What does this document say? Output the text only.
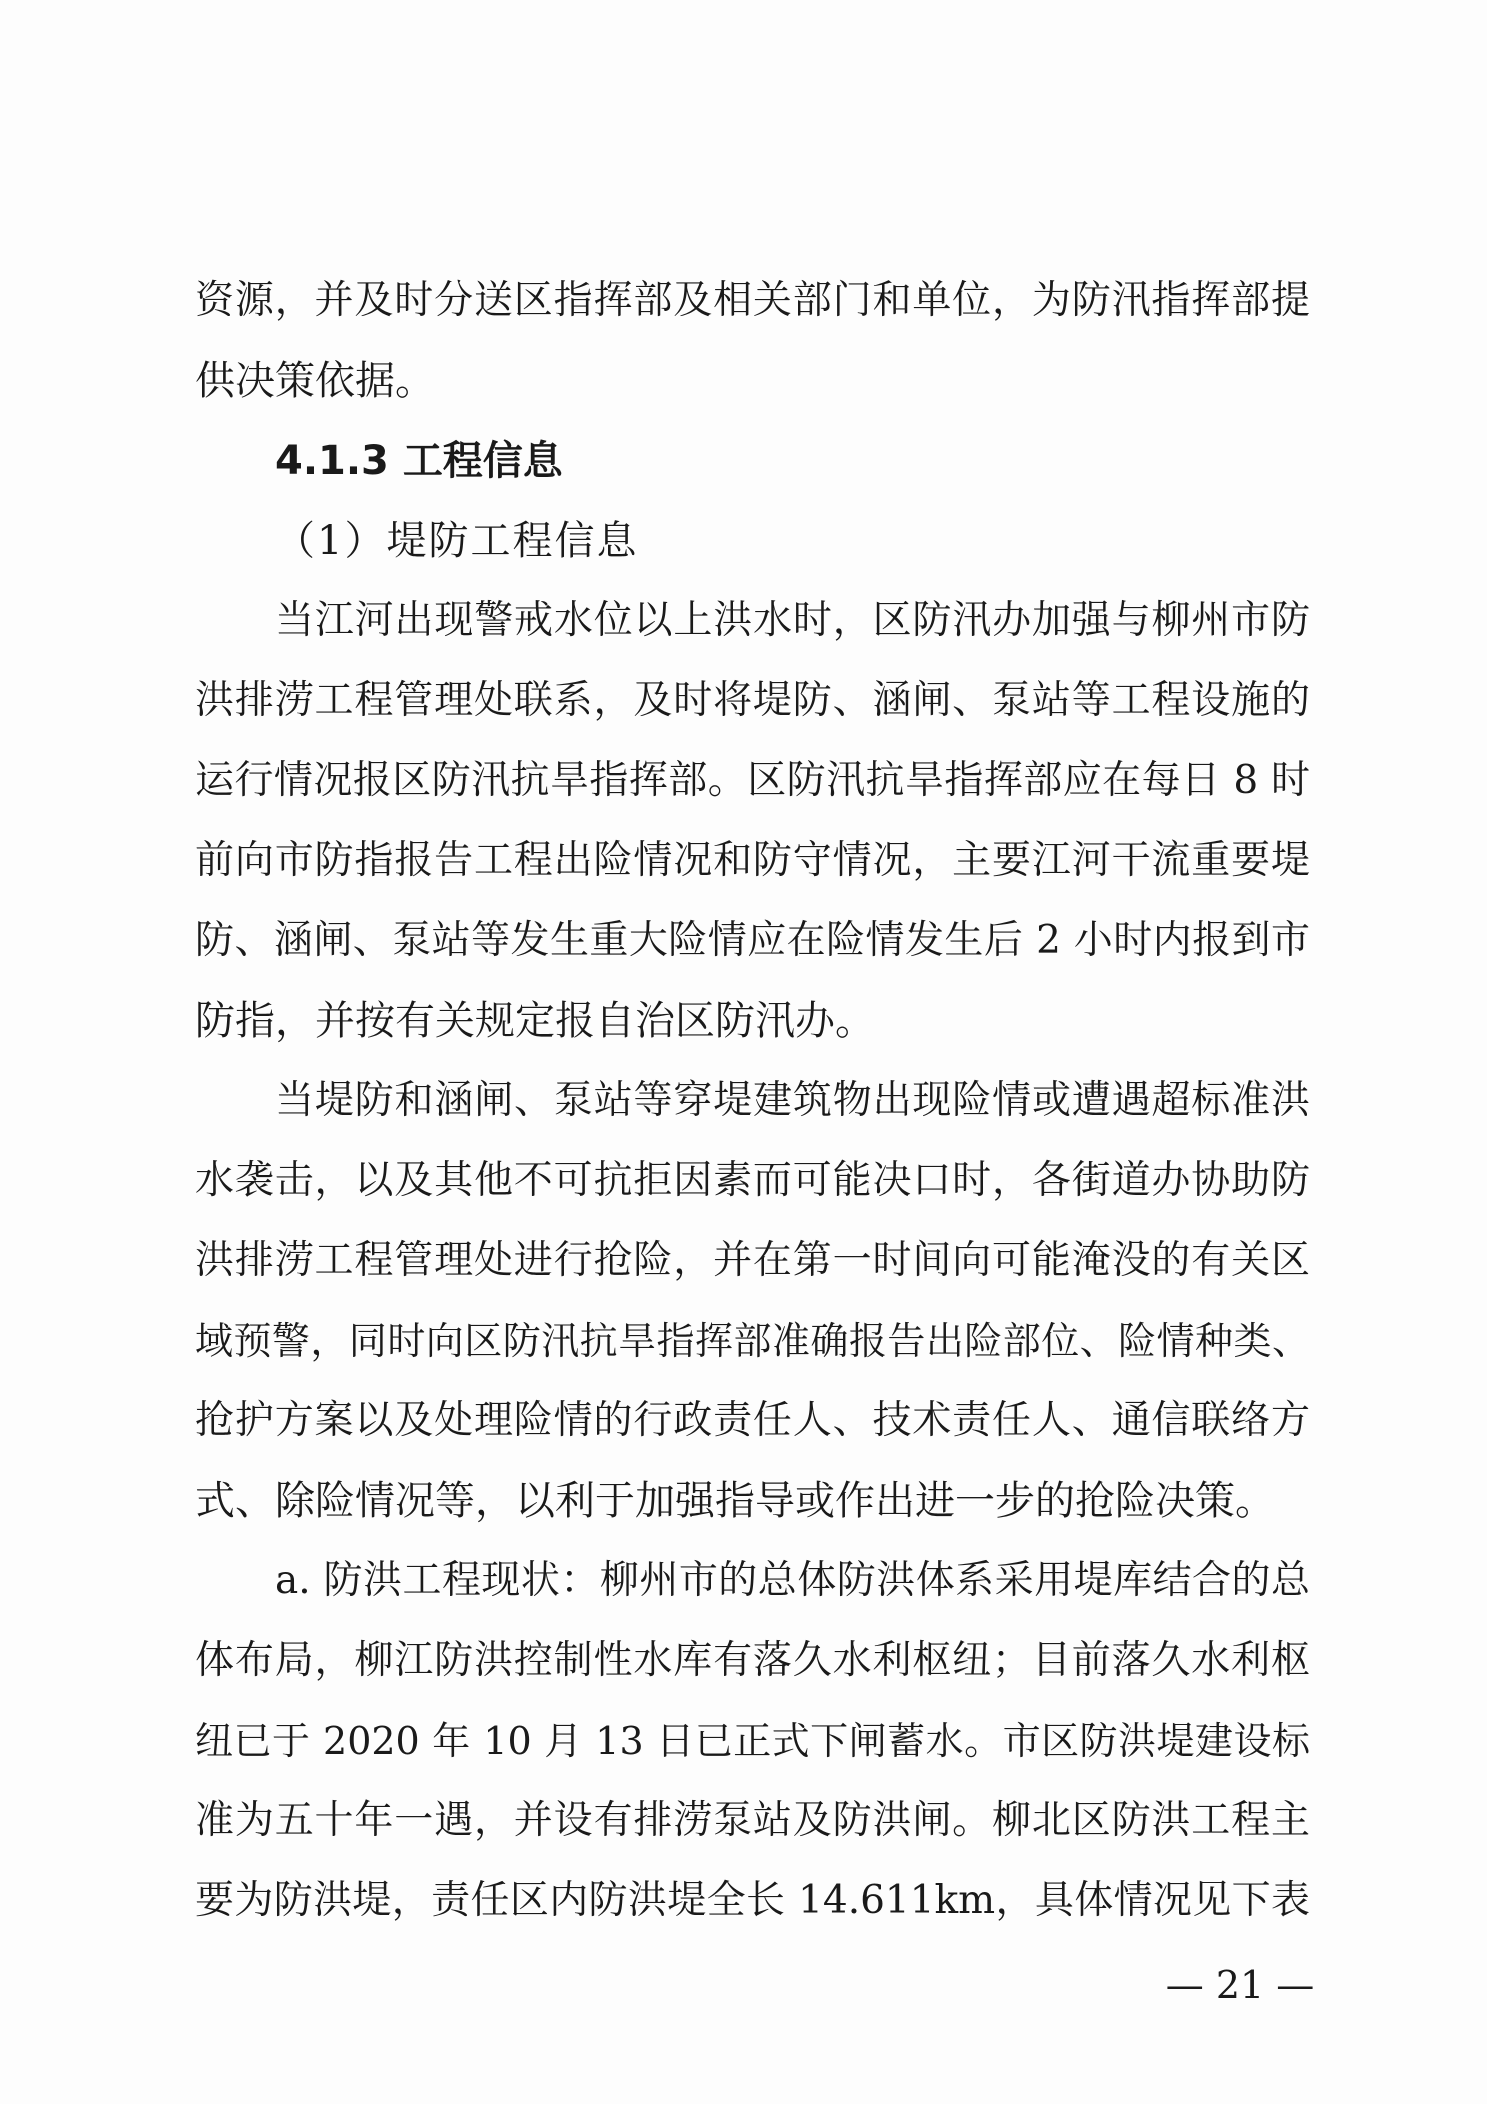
资源，并及时分送区指挥部及相关部门和单位，为防汛指挥部提
供决策依据。
4.1.3 工程信息
（1）堤防工程信息
当江河出现警戒水位以上洪水时，区防汛办加强与柳州市防
洪排涝工程管理处联系，及时将堤防、涵闸、泵站等工程设施的
运行情况报区防汛抗旱指挥部。区防汛抗旱指挥部应在每日 8 时
前向市防指报告工程出险情况和防守情况，主要江河干流重要堤
防、涵闸、泵站等发生重大险情应在险情发生后 2 小时内报到市
防指，并按有关规定报自治区防汛办。
当堤防和涵闸、泵站等穿堤建筑物出现险情或遭遇超标准洪
水袭击，以及其他不可抗拒因素而可能决口时，各街道办协助防
洪排涝工程管理处进行抢险，并在第一时间向可能淹没的有关区
域预警，同时向区防汛抗旱指挥部准确报告出险部位、险情种类、
抢护方案以及处理险情的行政责任人、技术责任人、通信联络方
式、除险情况等，以利于加强指导或作出进一步的抢险决策。
a. 防洪工程现状：柳州市的总体防洪体系采用堤库结合的总
体布局，柳江防洪控制性水库有落久水利枢纽；目前落久水利枢
纽已于 2020 年 10 月 13 日已正式下闸蓄水。市区防洪堤建设标
准为五十年一遇，并设有排涝泵站及防洪闸。柳北区防洪工程主
要为防洪堤，责任区内防洪堤全长 14.611km，具体情况见下表
— 21 —
